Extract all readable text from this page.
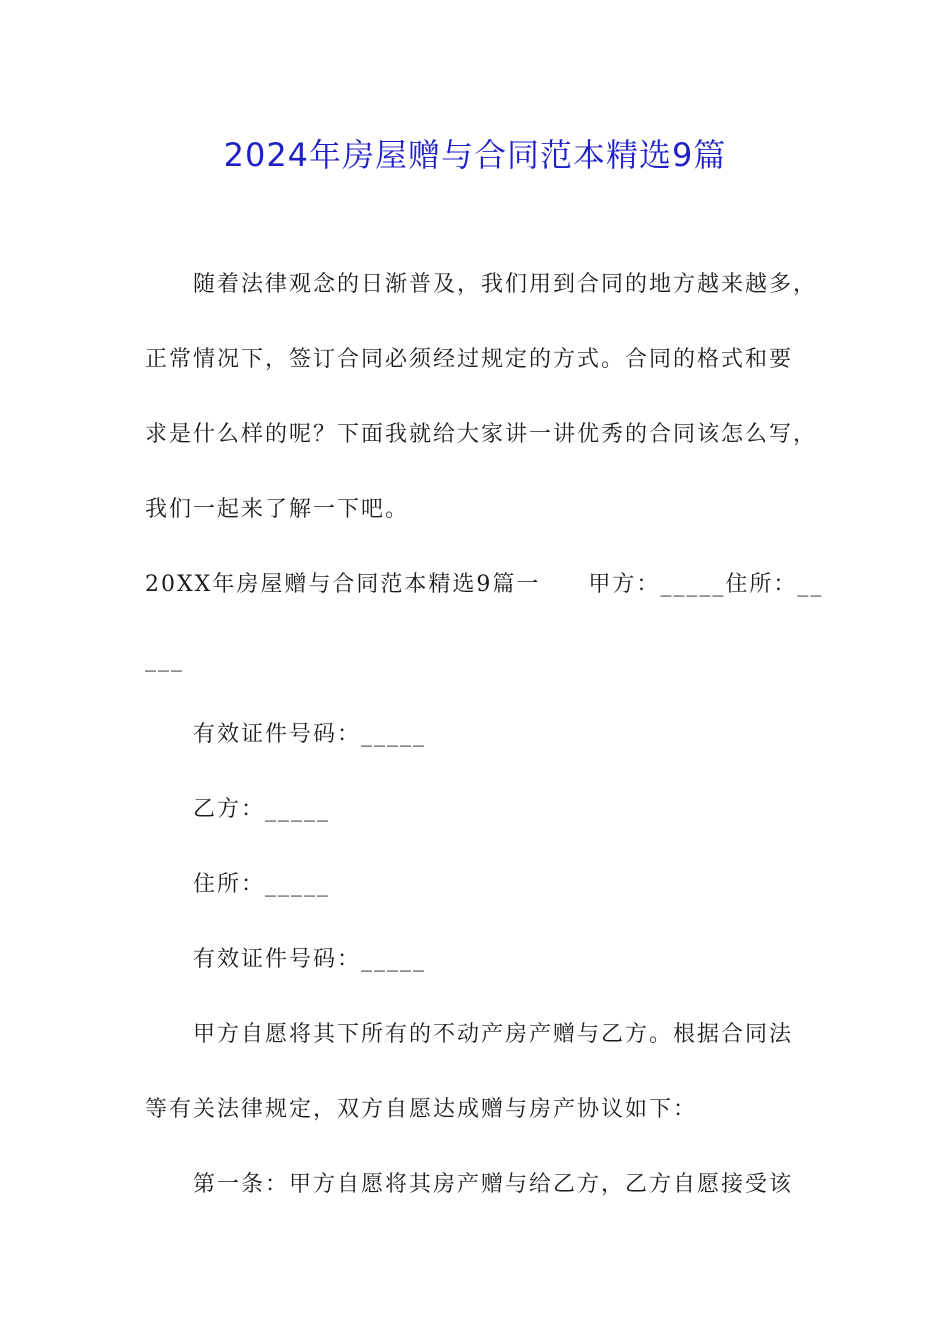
2024年房屋赠与合同范本精选9篇
随着法律观念的日渐普及，我们用到合同的地方越来越多，
正常情况下，签订合同必须经过规定的方式。合同的格式和要
求是什么样的呢？下面我就给大家讲一讲优秀的合同该怎么写，
我们一起来了解一下吧。
20XX年房屋赠与合同范本精选9篇一　　甲方：_____住所：__
___
有效证件号码：_____
乙方：_____
住所：_____
有效证件号码：_____
甲方自愿将其下所有的不动产房产赠与乙方。根据合同法
等有关法律规定，双方自愿达成赠与房产协议如下：
第一条：甲方自愿将其房产赠与给乙方，乙方自愿接受该
